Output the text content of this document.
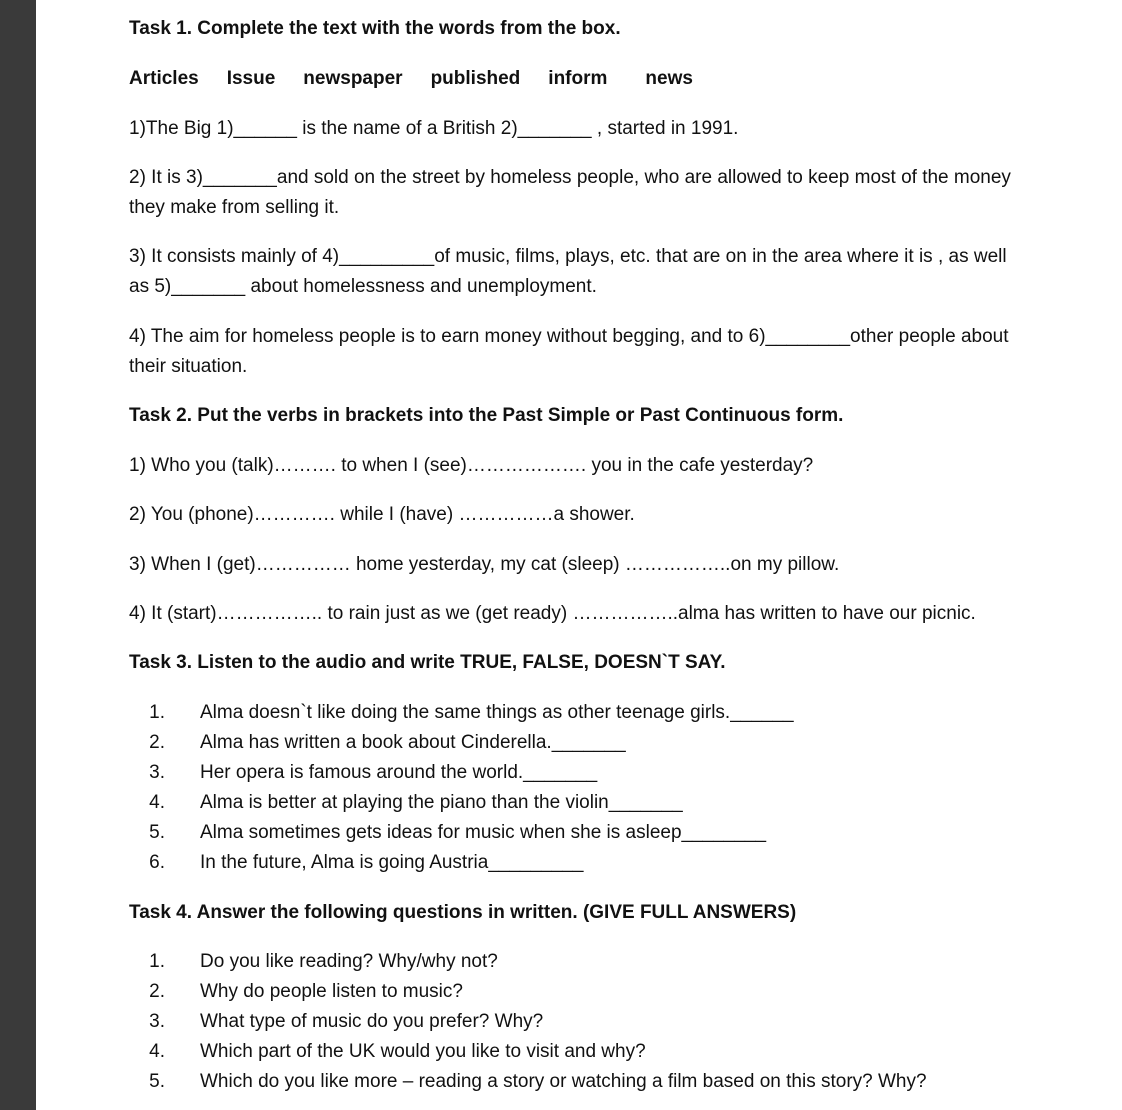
Task 1. Complete the text with the words from the box.
Articles Issue newspaper published inform news
1)The Big 1)______ is the name of a British 2)_______ , started in 1991.
2) It is 3)_______and sold on the street by homeless people, who are allowed to keep most of the money
they make from selling it.
3) It consists mainly of 4)_________of music, films, plays, etc. that are on in the area where it is , as well
as 5)_______ about homelessness and unemployment.
4) The aim for homeless people is to earn money without begging, and to 6)________other people about
their situation.
Task 2. Put the verbs in brackets into the Past Simple or Past Continuous form.
1) Who you (talk)………. to when I (see)………………. you in the cafe yesterday?
2) You (phone)…………. while I (have) ……………a shower.
3) When I (get)…………… home yesterday, my cat (sleep) ……………..on my pillow.
4) It (start)…………….. to rain just as we (get ready) ……………..alma has written to have our picnic.
Task 3. Listen to the audio and write TRUE, FALSE, DOESN`T SAY.
1. Alma doesn`t like doing the same things as other teenage girls.______
2. Alma has written a book about Cinderella._______
3. Her opera is famous around the world._______
4. Alma is better at playing the piano than the violin_______
5. Alma sometimes gets ideas for music when she is asleep________
6. In the future, Alma is going Austria_________
Task 4. Answer the following questions in written. (GIVE FULL ANSWERS)
1. Do you like reading? Why/why not?
2. Why do people listen to music?
3. What type of music do you prefer? Why?
4. Which part of the UK would you like to visit and why?
5. Which do you like more – reading a story or watching a film based on this story? Why?
